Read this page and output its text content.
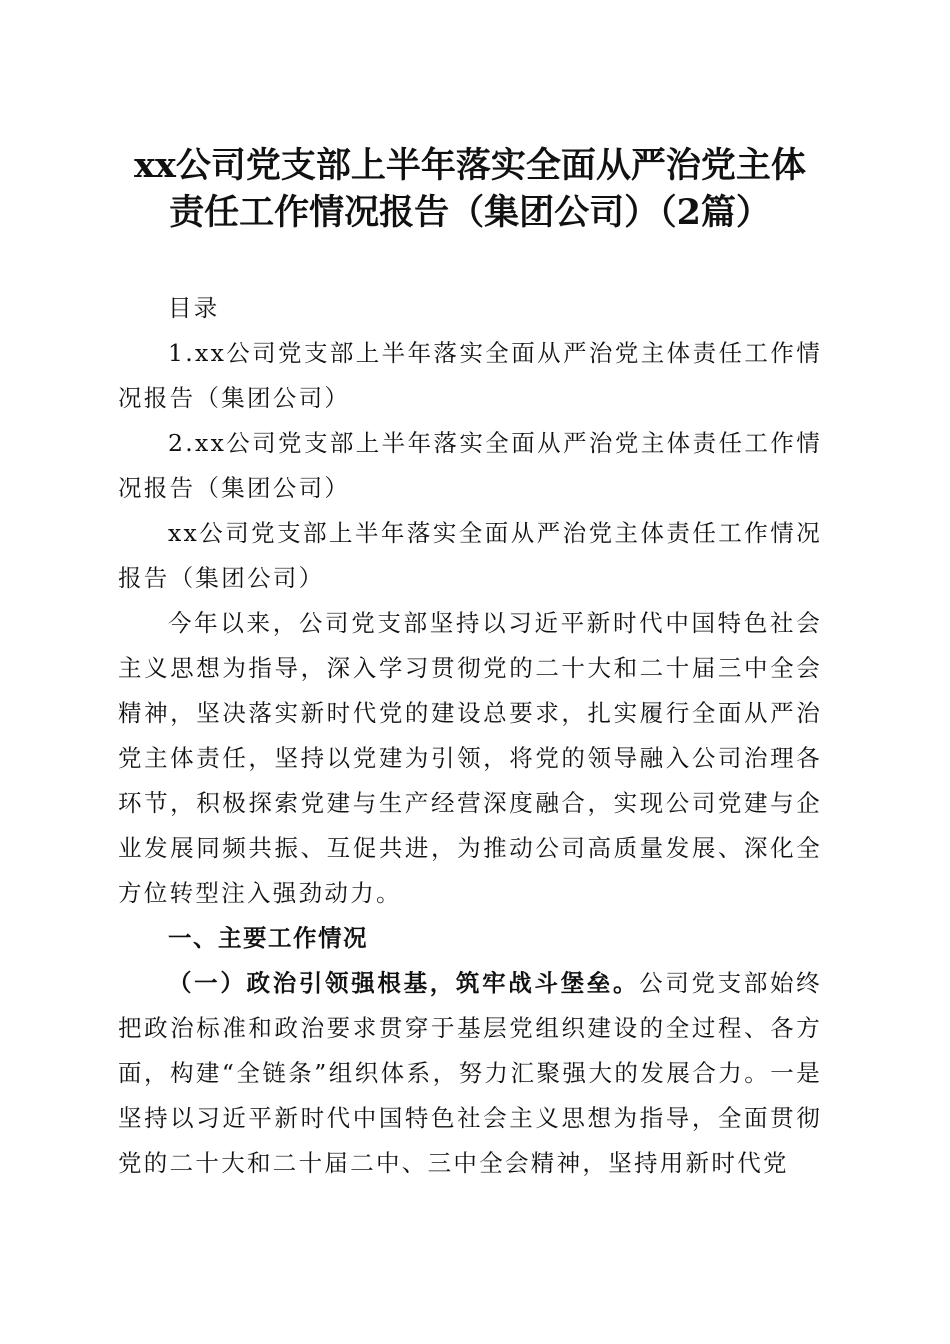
xx公司党支部上半年落实全面从严治党主体
责任工作情况报告（集团公司）（2篇）

目录

1.xx公司党支部上半年落实全面从严治党主体责任工作情况报告（集团公司）

2.xx公司党支部上半年落实全面从严治党主体责任工作情况报告（集团公司）

xx公司党支部上半年落实全面从严治党主体责任工作情况报告（集团公司）

今年以来，公司党支部坚持以习近平新时代中国特色社会主义思想为指导，深入学习贯彻党的二十大和二十届三中全会精神，坚决落实新时代党的建设总要求，扎实履行全面从严治党主体责任，坚持以党建为引领，将党的领导融入公司治理各环节，积极探索党建与生产经营深度融合，实现公司党建与企业发展同频共振、互促共进，为推动公司高质量发展、深化全方位转型注入强劲动力。

一、主要工作情况

（一）政治引领强根基，筑牢战斗堡垒。公司党支部始终把政治标准和政治要求贯穿于基层党组织建设的全过程、各方面，构建“全链条”组织体系，努力汇聚强大的发展合力。一是坚持以习近平新时代中国特色社会主义思想为指导，全面贯彻党的二十大和二十届二中、三中全会精神，坚持用新时代党
